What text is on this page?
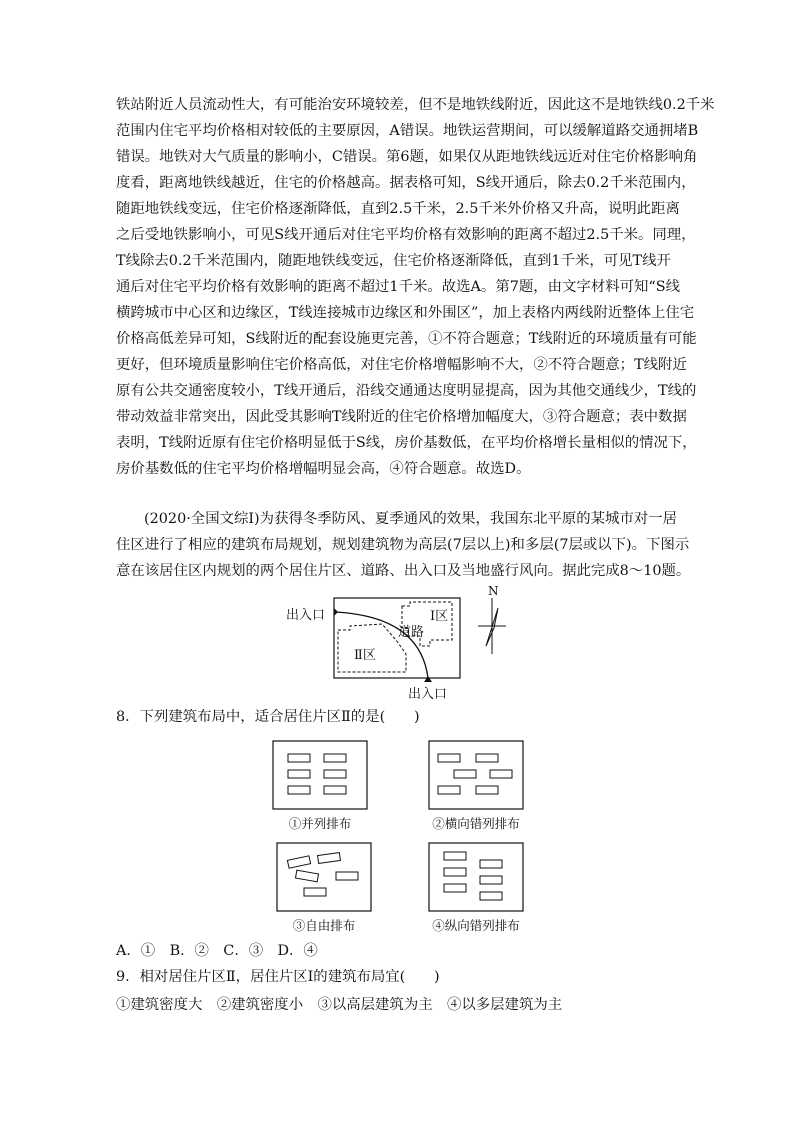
铁站附近人员流动性大，有可能治安环境较差，但不是地铁线附近，因此这不是地铁线0.2千米
范围内住宅平均价格相对较低的主要原因，A错误。地铁运营期间，可以缓解道路交通拥堵B
错误。地铁对大气质量的影响小，C错误。第6题，如果仅从距地铁线远近对住宅价格影响角
度看，距离地铁线越近，住宅的价格越高。据表格可知，S线开通后，除去0.2千米范围内，
随距地铁线变远，住宅价格逐渐降低，直到2.5千米，2.5千米外价格又升高，说明此距离
之后受地铁影响小，可见S线开通后对住宅平均价格有效影响的距离不超过2.5千米。同理，
T线除去0.2千米范围内，随距地铁线变远，住宅价格逐渐降低，直到1千米，可见T线开
通后对住宅平均价格有效影响的距离不超过1千米。故选A。第7题，由文字材料可知“S线
横跨城市中心区和边缘区，T线连接城市边缘区和外围区”，加上表格内两线附近整体上住宅
价格高低差异可知，S线附近的配套设施更完善，①不符合题意；T线附近的环境质量有可能
更好，但环境质量影响住宅价格高低，对住宅价格增幅影响不大，②不符合题意；T线附近
原有公共交通密度较小，T线开通后，沿线交通通达度明显提高，因为其他交通线少，T线的
带动效益非常突出，因此受其影响T线附近的住宅价格增加幅度大，③符合题意；表中数据
表明，T线附近原有住宅价格明显低于S线，房价基数低，在平均价格增长量相似的情况下，
房价基数低的住宅平均价格增幅明显会高，④符合题意。故选D。
(2020·全国文综Ⅰ)为获得冬季防风、夏季通风的效果，我国东北平原的某城市对一居
住区进行了相应的建筑布局规划，规划建筑物为高层(7层以上)和多层(7层或以下)。下图示
意在该居住区内规划的两个居住片区、道路、出入口及当地盛行风向。据此完成8～10题。
出入口
出入口
道路
Ⅰ区
Ⅱ区
N
8．下列建筑布局中，适合居住片区Ⅱ的是(　　)
①并列排布	②横向错列排布
③自由排布	④纵向错列排布
A．①　B．②　C．③　D．④
9．相对居住片区Ⅱ，居住片区Ⅰ的建筑布局宜(　　)
①建筑密度大　②建筑密度小　③以高层建筑为主　④以多层建筑为主
